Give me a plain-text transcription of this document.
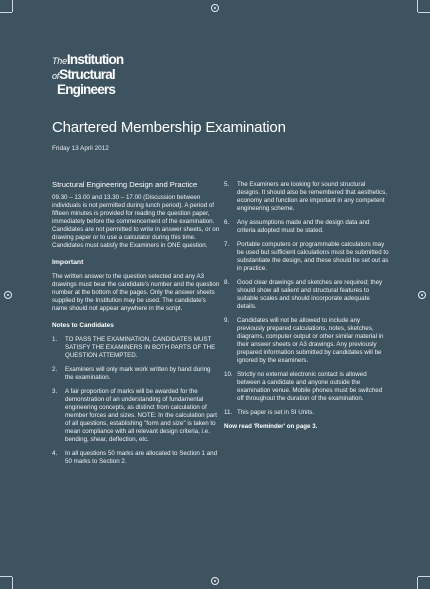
TheInstitution
ofStructural
Engineers
Chartered Membership Examination
Friday 13 April 2012
Structural Engineering Design and Practice
09.30 – 13.00 and 13.30 – 17.00 (Discussion between individuals is not permitted during lunch period). A period of fifteen minutes is provided for reading the question paper, immediately before the commencement of the examination. Candidates are not permitted to write in answer sheets, or on drawing paper or to use a calculator during this time. Candidates must satisfy the Examiners in ONE question.
Important
The written answer to the question selected and any A3 drawings must bear the candidate's number and the question number at the bottom of the pages. Only the answer sheets supplied by the Institution may be used. The candidate's name should not appear anywhere in the script.
Notes to Candidates
1. TO PASS THE EXAMINATION, CANDIDATES MUST SATISFY THE EXAMINERS IN BOTH PARTS OF THE QUESTION ATTEMPTED.
2. Examiners will only mark work written by hand during the examination.
3. A fair proportion of marks will be awarded for the demonstration of an understanding of fundamental engineering concepts, as distinct from calculation of member forces and sizes. NOTE: In the calculation part of all questions, establishing "form and size" is taken to mean compliance with all relevant design criteria, i.e. bending, shear, deflection, etc.
4. In all questions 50 marks are allocated to Section 1 and 50 marks to Section 2.
5. The Examiners are looking for sound structural designs. It should also be remembered that aesthetics, economy and function are important in any competent engineering scheme.
6. Any assumptions made and the design data and criteria adopted must be stated.
7. Portable computers or programmable calculators may be used but sufficient calculations must be submitted to substantiate the design, and these should be set out as in practice.
8. Good clear drawings and sketches are required; they should show all salient and structural features to suitable scales and should incorporate adequate details.
9. Candidates will not be allowed to include any previously prepared calculations, notes, sketches, diagrams, computer output or other similar material in their answer sheets or A3 drawings. Any previously prepared information submitted by candidates will be ignored by the examiners.
10. Strictly no external electronic contact is allowed between a candidate and anyone outside the examination venue. Mobile phones must be switched off throughout the duration of the examination.
11. This paper is set in SI Units.
Now read 'Reminder' on page 3.
